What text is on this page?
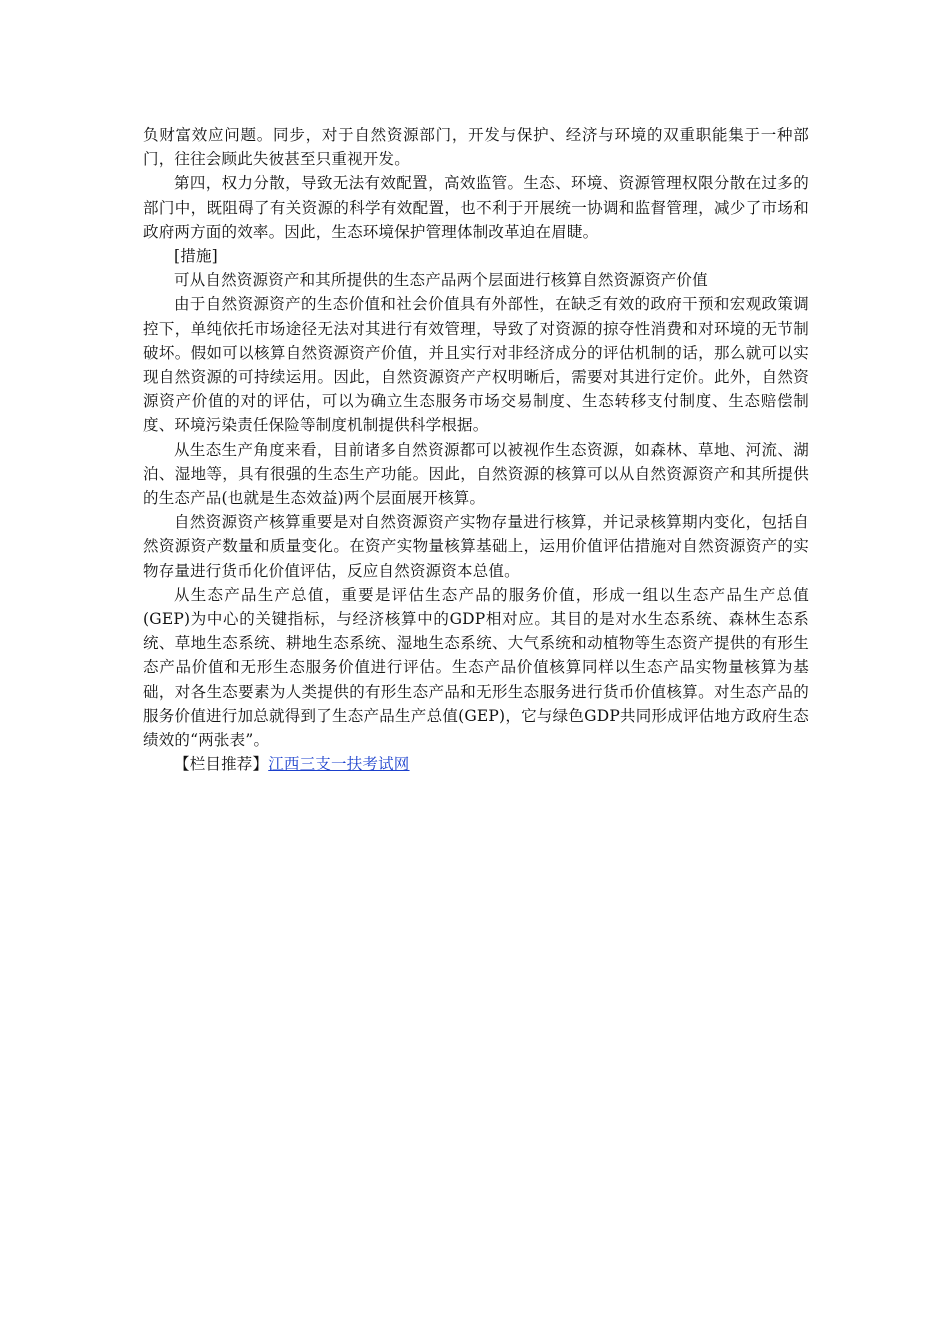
负财富效应问题。同步，对于自然资源部门，开发与保护、经济与环境的双重职能集于一种部门，往往会顾此失彼甚至只重视开发。

第四，权力分散，导致无法有效配置，高效监管。生态、环境、资源管理权限分散在过多的部门中，既阻碍了有关资源的科学有效配置，也不利于开展统一协调和监督管理，减少了市场和政府两方面的效率。因此，生态环境保护管理体制改革迫在眉睫。

[措施]

可从自然资源资产和其所提供的生态产品两个层面进行核算自然资源资产价值

由于自然资源资产的生态价值和社会价值具有外部性，在缺乏有效的政府干预和宏观政策调控下，单纯依托市场途径无法对其进行有效管理，导致了对资源的掠夺性消费和对环境的无节制破坏。假如可以核算自然资源资产价值，并且实行对非经济成分的评估机制的话，那么就可以实现自然资源的可持续运用。因此，自然资源资产产权明晰后，需要对其进行定价。此外，自然资源资产价值的对的评估，可以为确立生态服务市场交易制度、生态转移支付制度、生态赔偿制度、环境污染责任保险等制度机制提供科学根据。

从生态生产角度来看，目前诸多自然资源都可以被视作生态资源，如森林、草地、河流、湖泊、湿地等，具有很强的生态生产功能。因此，自然资源的核算可以从自然资源资产和其所提供的生态产品(也就是生态效益)两个层面展开核算。

自然资源资产核算重要是对自然资源资产实物存量进行核算，并记录核算期内变化，包括自然资源资产数量和质量变化。在资产实物量核算基础上，运用价值评估措施对自然资源资产的实物存量进行货币化价值评估，反应自然资源资本总值。

从生态产品生产总值，重要是评估生态产品的服务价值，形成一组以生态产品生产总值(GEP)为中心的关键指标，与经济核算中的GDP相对应。其目的是对水生态系统、森林生态系统、草地生态系统、耕地生态系统、湿地生态系统、大气系统和动植物等生态资产提供的有形生态产品价值和无形生态服务价值进行评估。生态产品价值核算同样以生态产品实物量核算为基础，对各生态要素为人类提供的有形生态产品和无形生态服务进行货币价值核算。对生态产品的服务价值进行加总就得到了生态产品生产总值(GEP)，它与绿色GDP共同形成评估地方政府生态绩效的“两张表”。

【栏目推荐】江西三支一扶考试网
